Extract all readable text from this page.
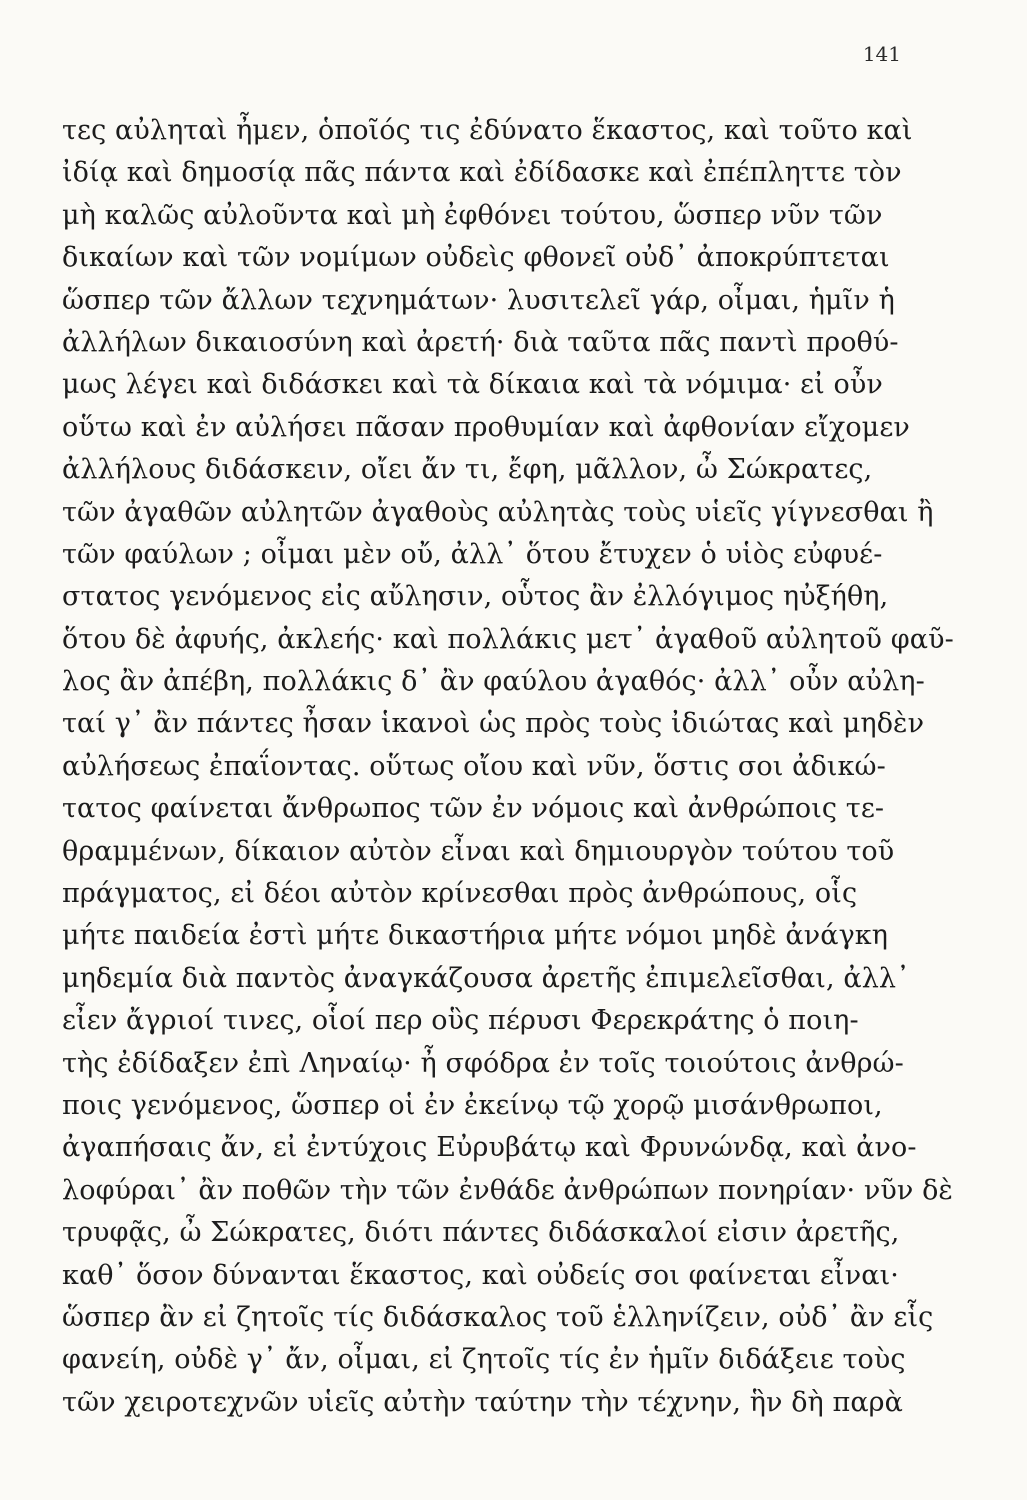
141
τες αὐληταὶ ἦμεν, ὁποῖός τις ἐδύνατο ἕκαστος, καὶ τοῦτο καὶ
ἰδίᾳ καὶ δημοσίᾳ πᾶς πάντα καὶ ἐδίδασκε καὶ ἐπέπληττε τὸν
μὴ καλῶς αὐλοῦντα καὶ μὴ ἐφθόνει τούτου, ὥσπερ νῦν τῶν
δικαίων καὶ τῶν νομίμων οὐδεὶς φθονεῖ οὐδ᾽ ἀποκρύπτεται
ὥσπερ τῶν ἄλλων τεχνημάτων· λυσιτελεῖ γάρ, οἶμαι, ἡμῖν ἡ
ἀλλήλων δικαιοσύνη καὶ ἀρετή· διὰ ταῦτα πᾶς παντὶ προθύ-
μως λέγει καὶ διδάσκει καὶ τὰ δίκαια καὶ τὰ νόμιμα· εἰ οὖν
οὕτω καὶ ἐν αὐλήσει πᾶσαν προθυμίαν καὶ ἀφθονίαν εἴχομεν
ἀλλήλους διδάσκειν, οἴει ἄν τι, ἔφη, μᾶλλον, ὦ Σώκρατες,
τῶν ἀγαθῶν αὐλητῶν ἀγαθοὺς αὐλητὰς τοὺς υἱεῖς γίγνεσθαι ἢ
τῶν φαύλων ; οἶμαι μὲν οὔ, ἀλλ᾽ ὅτου ἔτυχεν ὁ υἱὸς εὐφυέ-
στατος γενόμενος εἰς αὔλησιν, οὗτος ἂν ἐλλόγιμος ηὐξήθη,
ὅτου δὲ ἀφυής, ἀκλεής· καὶ πολλάκις μετ᾽ ἀγαθοῦ αὐλητοῦ φαῦ-
λος ἂν ἀπέβη, πολλάκις δ᾽ ἂν φαύλου ἀγαθός· ἀλλ᾽ οὖν αὐλη-
ταί γ᾽ ἂν πάντες ἦσαν ἱκανοὶ ὡς πρὸς τοὺς ἰδιώτας καὶ μηδὲν
αὐλήσεως ἐπαΐοντας. οὕτως οἴου καὶ νῦν, ὅστις σοι ἀδικώ-
τατος φαίνεται ἄνθρωπος τῶν ἐν νόμοις καὶ ἀνθρώποις τε-
θραμμένων, δίκαιον αὐτὸν εἶναι καὶ δημιουργὸν τούτου τοῦ
πράγματος, εἰ δέοι αὐτὸν κρίνεσθαι πρὸς ἀνθρώπους, οἷς
μήτε παιδεία ἐστὶ μήτε δικαστήρια μήτε νόμοι μηδὲ ἀνάγκη
μηδεμία διὰ παντὸς ἀναγκάζουσα ἀρετῆς ἐπιμελεῖσθαι, ἀλλ᾽
εἶεν ἄγριοί τινες, οἷοί περ οὓς πέρυσι Φερεκράτης ὁ ποιη-
τὴς ἐδίδαξεν ἐπὶ Ληναίῳ· ἦ σφόδρα ἐν τοῖς τοιούτοις ἀνθρώ-
ποις γενόμενος, ὥσπερ οἱ ἐν ἐκείνῳ τῷ χορῷ μισάνθρωποι,
ἀγαπήσαις ἄν, εἰ ἐντύχοις Εὐρυβάτῳ καὶ Φρυνώνδᾳ, καὶ ἀνο-
λοφύραι᾽ ἂν ποθῶν τὴν τῶν ἐνθάδε ἀνθρώπων πονηρίαν· νῦν δὲ
τρυφᾷς, ὦ Σώκρατες, διότι πάντες διδάσκαλοί εἰσιν ἀρετῆς,
καθ᾽ ὅσον δύνανται ἕκαστος, καὶ οὐδείς σοι φαίνεται εἶναι·
ὥσπερ ἂν εἰ ζητοῖς τίς διδάσκαλος τοῦ ἑλληνίζειν, οὐδ᾽ ἂν εἷς
φανείη, οὐδὲ γ᾽ ἄν, οἶμαι, εἰ ζητοῖς τίς ἐν ἡμῖν διδάξειε τοὺς
τῶν χειροτεχνῶν υἱεῖς αὐτὴν ταύτην τὴν τέχνην, ἣν δὴ παρὰ
